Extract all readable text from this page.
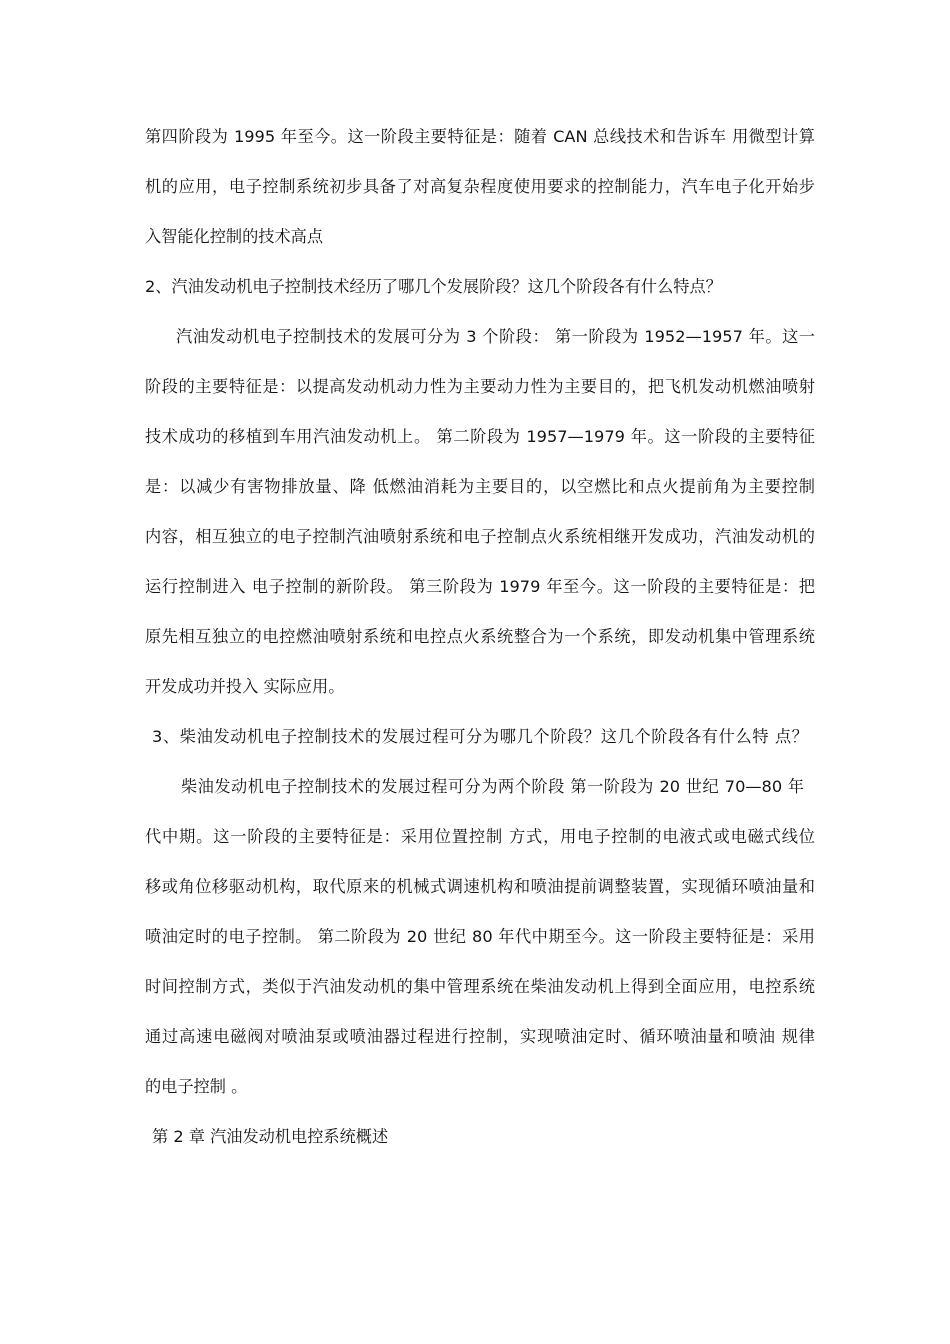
第四阶段为 1995 年至今。这一阶段主要特征是：随着 CAN 总线技术和告诉车 用微型计算
机的应用，电子控制系统初步具备了对高复杂程度使用要求的控制能力，汽车电子化开始步
入智能化控制的技术高点
2、汽油发动机电子控制技术经历了哪几个发展阶段？这几个阶段各有什么特点？
汽油发动机电子控制技术的发展可分为 3 个阶段： 第一阶段为 1952—1957 年。这一
阶段的主要特征是：以提高发动机动力性为主要动力性为主要目的，把飞机发动机燃油喷射
技术成功的移植到车用汽油发动机上。 第二阶段为 1957—1979 年。这一阶段的主要特征
是：以减少有害物排放量、降 低燃油消耗为主要目的，以空燃比和点火提前角为主要控制
内容，相互独立的电子控制汽油喷射系统和电子控制点火系统相继开发成功，汽油发动机的
运行控制进入 电子控制的新阶段。 第三阶段为 1979 年至今。这一阶段的主要特征是：把
原先相互独立的电控燃油喷射系统和电控点火系统整合为一个系统，即发动机集中管理系统
开发成功并投入 实际应用。
3、柴油发动机电子控制技术的发展过程可分为哪几个阶段？这几个阶段各有什么特 点？
柴油发动机电子控制技术的发展过程可分为两个阶段 第一阶段为 20 世纪 70—80 年
代中期。这一阶段的主要特征是：采用位置控制 方式，用电子控制的电液式或电磁式线位
移或角位移驱动机构，取代原来的机械式调速机构和喷油提前调整装置，实现循环喷油量和
喷油定时的电子控制。 第二阶段为 20 世纪 80 年代中期至今。这一阶段主要特征是：采用
时间控制方式，类似于汽油发动机的集中管理系统在柴油发动机上得到全面应用，电控系统
通过高速电磁阀对喷油泵或喷油器过程进行控制，实现喷油定时、循环喷油量和喷油 规律
的电子控制 。
第 2 章 汽油发动机电控系统概述
